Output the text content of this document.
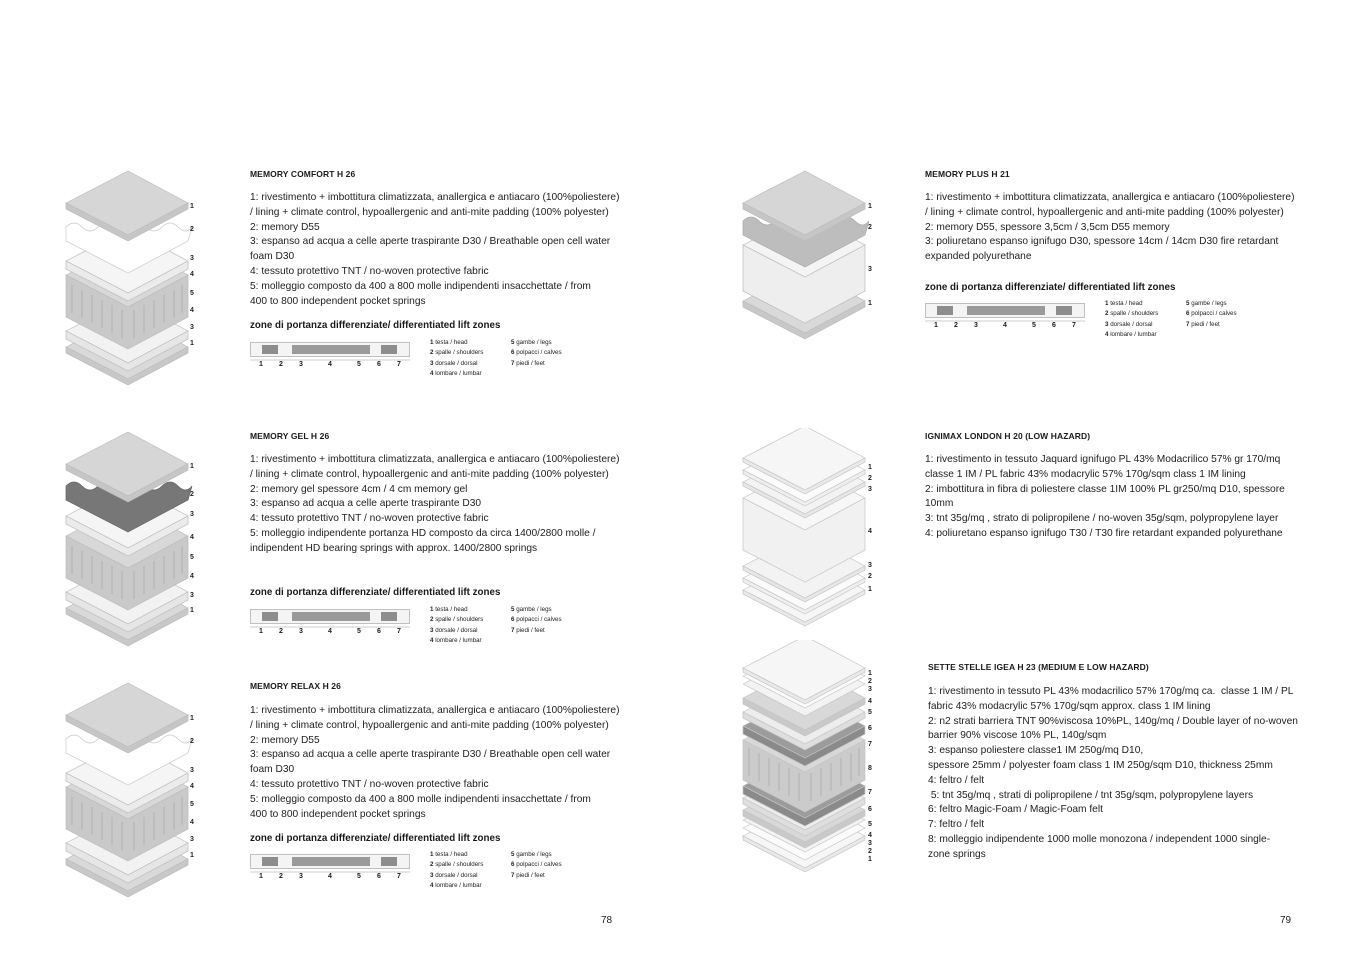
1
2
3
4
5
4
3
1
MEMORY COMFORT H 26
1: rivestimento + imbottitura climatizzata, anallergica e antiacaro (100%poliestere)
/ lining + climate control, hypoallergenic and anti-mite padding (100% polyester)
2: memory D55
3: espanso ad acqua a celle aperte traspirante D30 / Breathable open cell water
foam D30
4: tessuto protettivo TNT / no-woven protective fabric
5: molleggio composto da 400 a 800 molle indipendenti insacchettate / from
400 to 800 independent pocket springs
zone di portanza differenziate/ differentiated lift zones
1 2 3	4	5 6 7
1 testa / head
2 spalle / shoulders
3 dorsale / dorsal
4 lombare / lumbar
5 gambe / legs
6 polpacci / calves
7 piedi / feet
1
2
3
4
5
4
3
1
MEMORY GEL H 26
1: rivestimento + imbottitura climatizzata, anallergica e antiacaro (100%poliestere)
/ lining + climate control, hypoallergenic and anti-mite padding (100% polyester)
2: memory gel spessore 4cm / 4 cm memory gel
3: espanso ad acqua a celle aperte traspirante D30
4: tessuto protettivo TNT / no-woven protective fabric
5: molleggio indipendente portanza HD composto da circa 1400/2800 molle /
indipendent HD bearing springs with approx. 1400/2800 springs
zone di portanza differenziate/ differentiated lift zones
1 2 3	4	5 6 7
1 testa / head
2 spalle / shoulders
3 dorsale / dorsal
4 lombare / lumbar
5 gambe / legs
6 polpacci / calves
7 piedi / feet
1
2
3
4
5
4
3
1
MEMORY RELAX H 26
1: rivestimento + imbottitura climatizzata, anallergica e antiacaro (100%poliestere)
/ lining + climate control, hypoallergenic and anti-mite padding (100% polyester)
2: memory D55
3: espanso ad acqua a celle aperte traspirante D30 / Breathable open cell water
foam D30
4: tessuto protettivo TNT / no-woven protective fabric
5: molleggio composto da 400 a 800 molle indipendenti insacchettate / from
400 to 800 independent pocket springs
zone di portanza differenziate/ differentiated lift zones
1 2 3	4	5 6 7
1 testa / head
2 spalle / shoulders
3 dorsale / dorsal
4 lombare / lumbar
5 gambe / legs
6 polpacci / calves
7 piedi / feet
78
1
2
3
1
MEMORY PLUS H 21
1: rivestimento + imbottitura climatizzata, anallergica e antiacaro (100%poliestere)
/ lining + climate control, hypoallergenic and anti-mite padding (100% polyester)
2: memory D55, spessore 3,5cm / 3,5cm D55 memory
3: poliuretano espanso ignifugo D30, spessore 14cm / 14cm D30 fire retardant
expanded polyurethane
zone di portanza differenziate/ differentiated lift zones
1 2 3	4	5 6 7
1 testa / head
2 spalle / shoulders
3 dorsale / dorsal
4 lombare / lumbar
5 gambe / legs
6 polpacci / calves
7 piedi / feet
1
2
3
4
3
2
1
IGNIMAX LONDON H 20 (LOW HAZARD)
1: rivestimento in tessuto Jaquard ignifugo PL 43% Modacrilico 57% gr 170/mq
classe 1 IM / PL fabric 43% modacrylic 57% 170g/sqm class 1 IM lining
2: imbottitura in fibra di poliestere classe 1IM 100% PL gr250/mq D10, spessore
10mm
3: tnt 35g/mq , strato di polipropilene / no-woven 35g/sqm, polypropylene layer
4: poliuretano espanso ignifugo T30 / T30 fire retardant expanded polyurethane
1
2
3
4
5
6
7
8
7
6
5
4
3
2
1
SETTE STELLE IGEA H 23 (MEDIUM E LOW HAZARD)
1: rivestimento in tessuto PL 43% modacrilico 57% 170g/mq ca.  classe 1 IM / PL
fabric 43% modacrylic 57% 170g/sqm approx. class 1 IM lining
2: n2 strati barriera TNT 90%viscosa 10%PL, 140g/mq / Double layer of no-woven
barrier 90% viscose 10% PL, 140g/sqm
3: espanso poliestere classe1 IM 250g/mq D10,
spessore 25mm / polyester foam class 1 IM 250g/sqm D10, thickness 25mm
4: feltro / felt
5: tnt 35g/mq , strati di polipropilene / tnt 35g/sqm, polypropylene layers
6: feltro Magic-Foam / Magic-Foam felt
7: feltro / felt
8: molleggio indipendente 1000 molle monozona / independent 1000 single-
zone springs
79
